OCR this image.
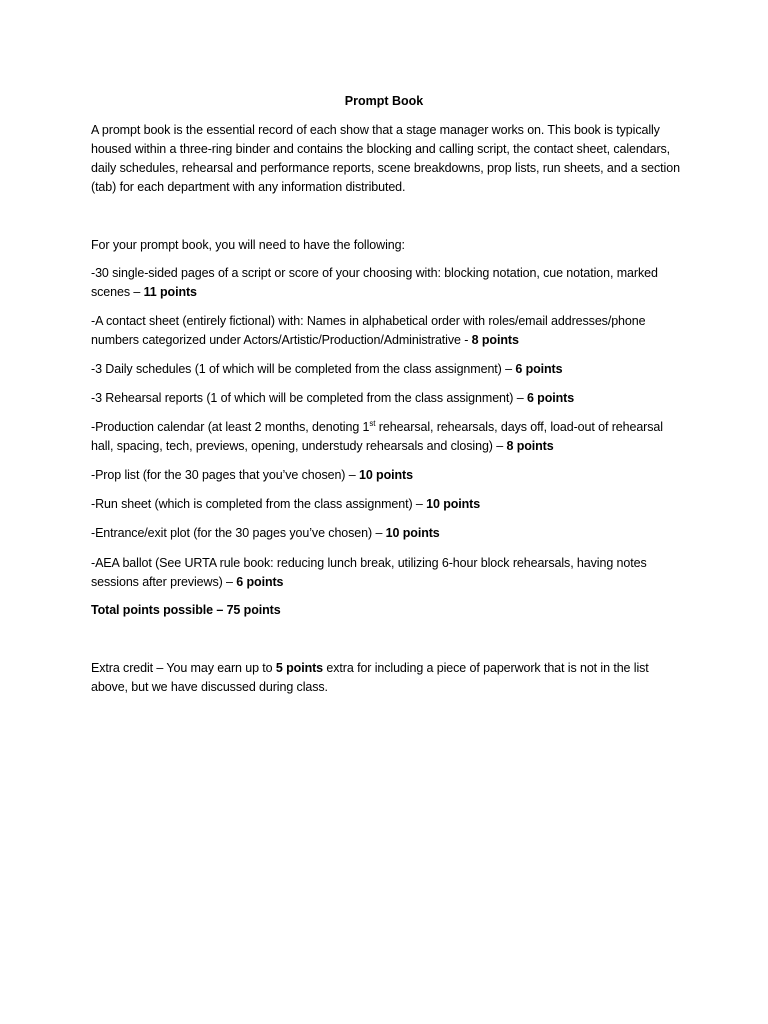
Prompt Book

A prompt book is the essential record of each show that a stage manager works on. This book is typically housed within a three-ring binder and contains the blocking and calling script, the contact sheet, calendars, daily schedules, rehearsal and performance reports, scene breakdowns, prop lists, run sheets, and a section (tab) for each department with any information distributed.

For your prompt book, you will need to have the following:

-30 single-sided pages of a script or score of your choosing with: blocking notation, cue notation, marked scenes – 11 points

-A contact sheet (entirely fictional) with: Names in alphabetical order with roles/email addresses/phone numbers categorized under Actors/Artistic/Production/Administrative - 8 points

-3 Daily schedules (1 of which will be completed from the class assignment) – 6 points

-3 Rehearsal reports (1 of which will be completed from the class assignment) – 6 points

-Production calendar (at least 2 months, denoting 1st rehearsal, rehearsals, days off, load-out of rehearsal hall, spacing, tech, previews, opening, understudy rehearsals and closing) – 8 points

-Prop list (for the 30 pages that you’ve chosen) – 10 points

-Run sheet (which is completed from the class assignment) – 10 points

-Entrance/exit plot (for the 30 pages you’ve chosen) – 10 points

-AEA ballot (See URTA rule book: reducing lunch break, utilizing 6-hour block rehearsals, having notes sessions after previews) – 6 points

Total points possible – 75 points

Extra credit – You may earn up to 5 points extra for including a piece of paperwork that is not in the list above, but we have discussed during class.
